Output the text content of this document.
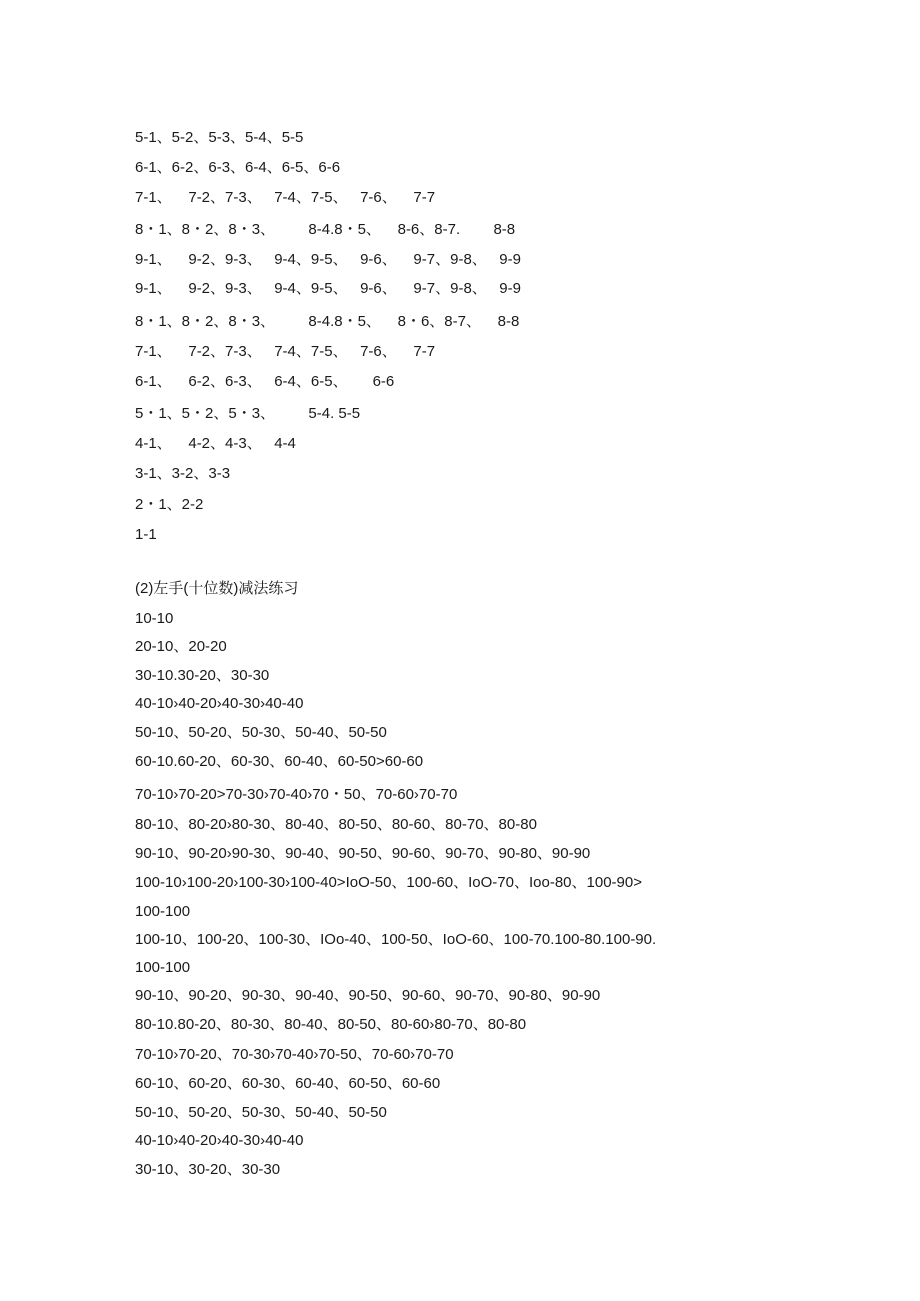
5-1、5-2、5-3、5-4、5-5
6-1、6-2、6-3、6-4、6-5、6-6
7-1、    7-2、7-3、   7-4、7-5、   7-6、    7-7
8・1、8・2、8・3、        8-4.8・5、    8-6、8-7.        8-8
9-1、    9-2、9-3、   9-4、9-5、   9-6、    9-7、9-8、   9-9
9-1、    9-2、9-3、   9-4、9-5、   9-6、    9-7、9-8、   9-9
8・1、8・2、8・3、        8-4.8・5、    8・6、8-7、    8-8
7-1、    7-2、7-3、   7-4、7-5、   7-6、    7-7
6-1、    6-2、6-3、   6-4、6-5、      6-6
5・1、5・2、5・3、        5-4. 5-5
4-1、    4-2、4-3、   4-4
3-1、3-2、3-3
2・1、2-2
1-1
(2)左手(十位数)减法练习
10-10
20-10、20-20
30-10.30-20、30-30
40-10›40-20›40-30›40-40
50-10、50-20、50-30、50-40、50-50
60-10.60-20、60-30、60-40、60-50>60-60
70-10›70-20>70-30›70-40›70・50、70-60›70-70
80-10、80-20›80-30、80-40、80-50、80-60、80-70、80-80
90-10、90-20›90-30、90-40、90-50、90-60、90-70、90-80、90-90
100-10›100-20›100-30›100-40>IoO-50、100-60、IoO-70、Ioo-80、100-90>
100-100
100-10、100-20、100-30、IOo-40、100-50、IoO-60、100-70.100-80.100-90.
100-100
90-10、90-20、90-30、90-40、90-50、90-60、90-70、90-80、90-90
80-10.80-20、80-30、80-40、80-50、80-60›80-70、80-80
70-10›70-20、70-30›70-40›70-50、70-60›70-70
60-10、60-20、60-30、60-40、60-50、60-60
50-10、50-20、50-30、50-40、50-50
40-10›40-20›40-30›40-40
30-10、30-20、30-30
